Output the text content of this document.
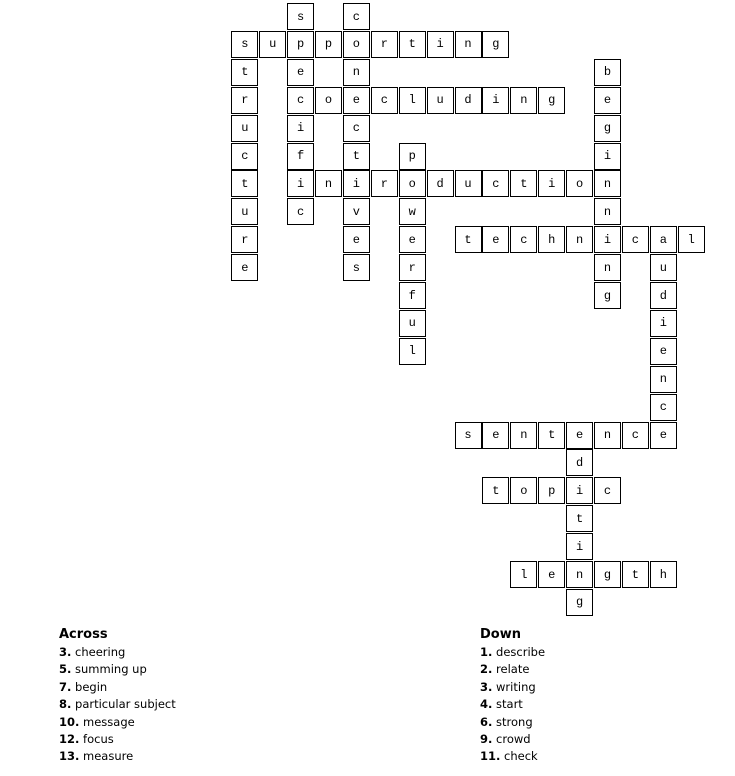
s	u	p	p	o	r	t	i	n	g
c	o	e	c	l	u	d	i	n	g
i	n	i	r	o	d	u	c	t	i	o	n
t	e	c	h	n	i	c	a	l
s	e	n	t	e	n	c	e
t	o	p	i	c
l	e	n	g	t	h
s
e
i
f
c
c
n
c
t
v
e
s
t
r
u
c
t
u
r
e
b
e
g
i
n
n
g
p
w
e
r
f
u
l
u
d
i
e
n
c
d
t
i
g
Across
3. cheering
5. summing up
7. begin
8. particular subject
10. message
12. focus
13. measure
Down
1. describe
2. relate
3. writing
4. start
6. strong
9. crowd
11. check
